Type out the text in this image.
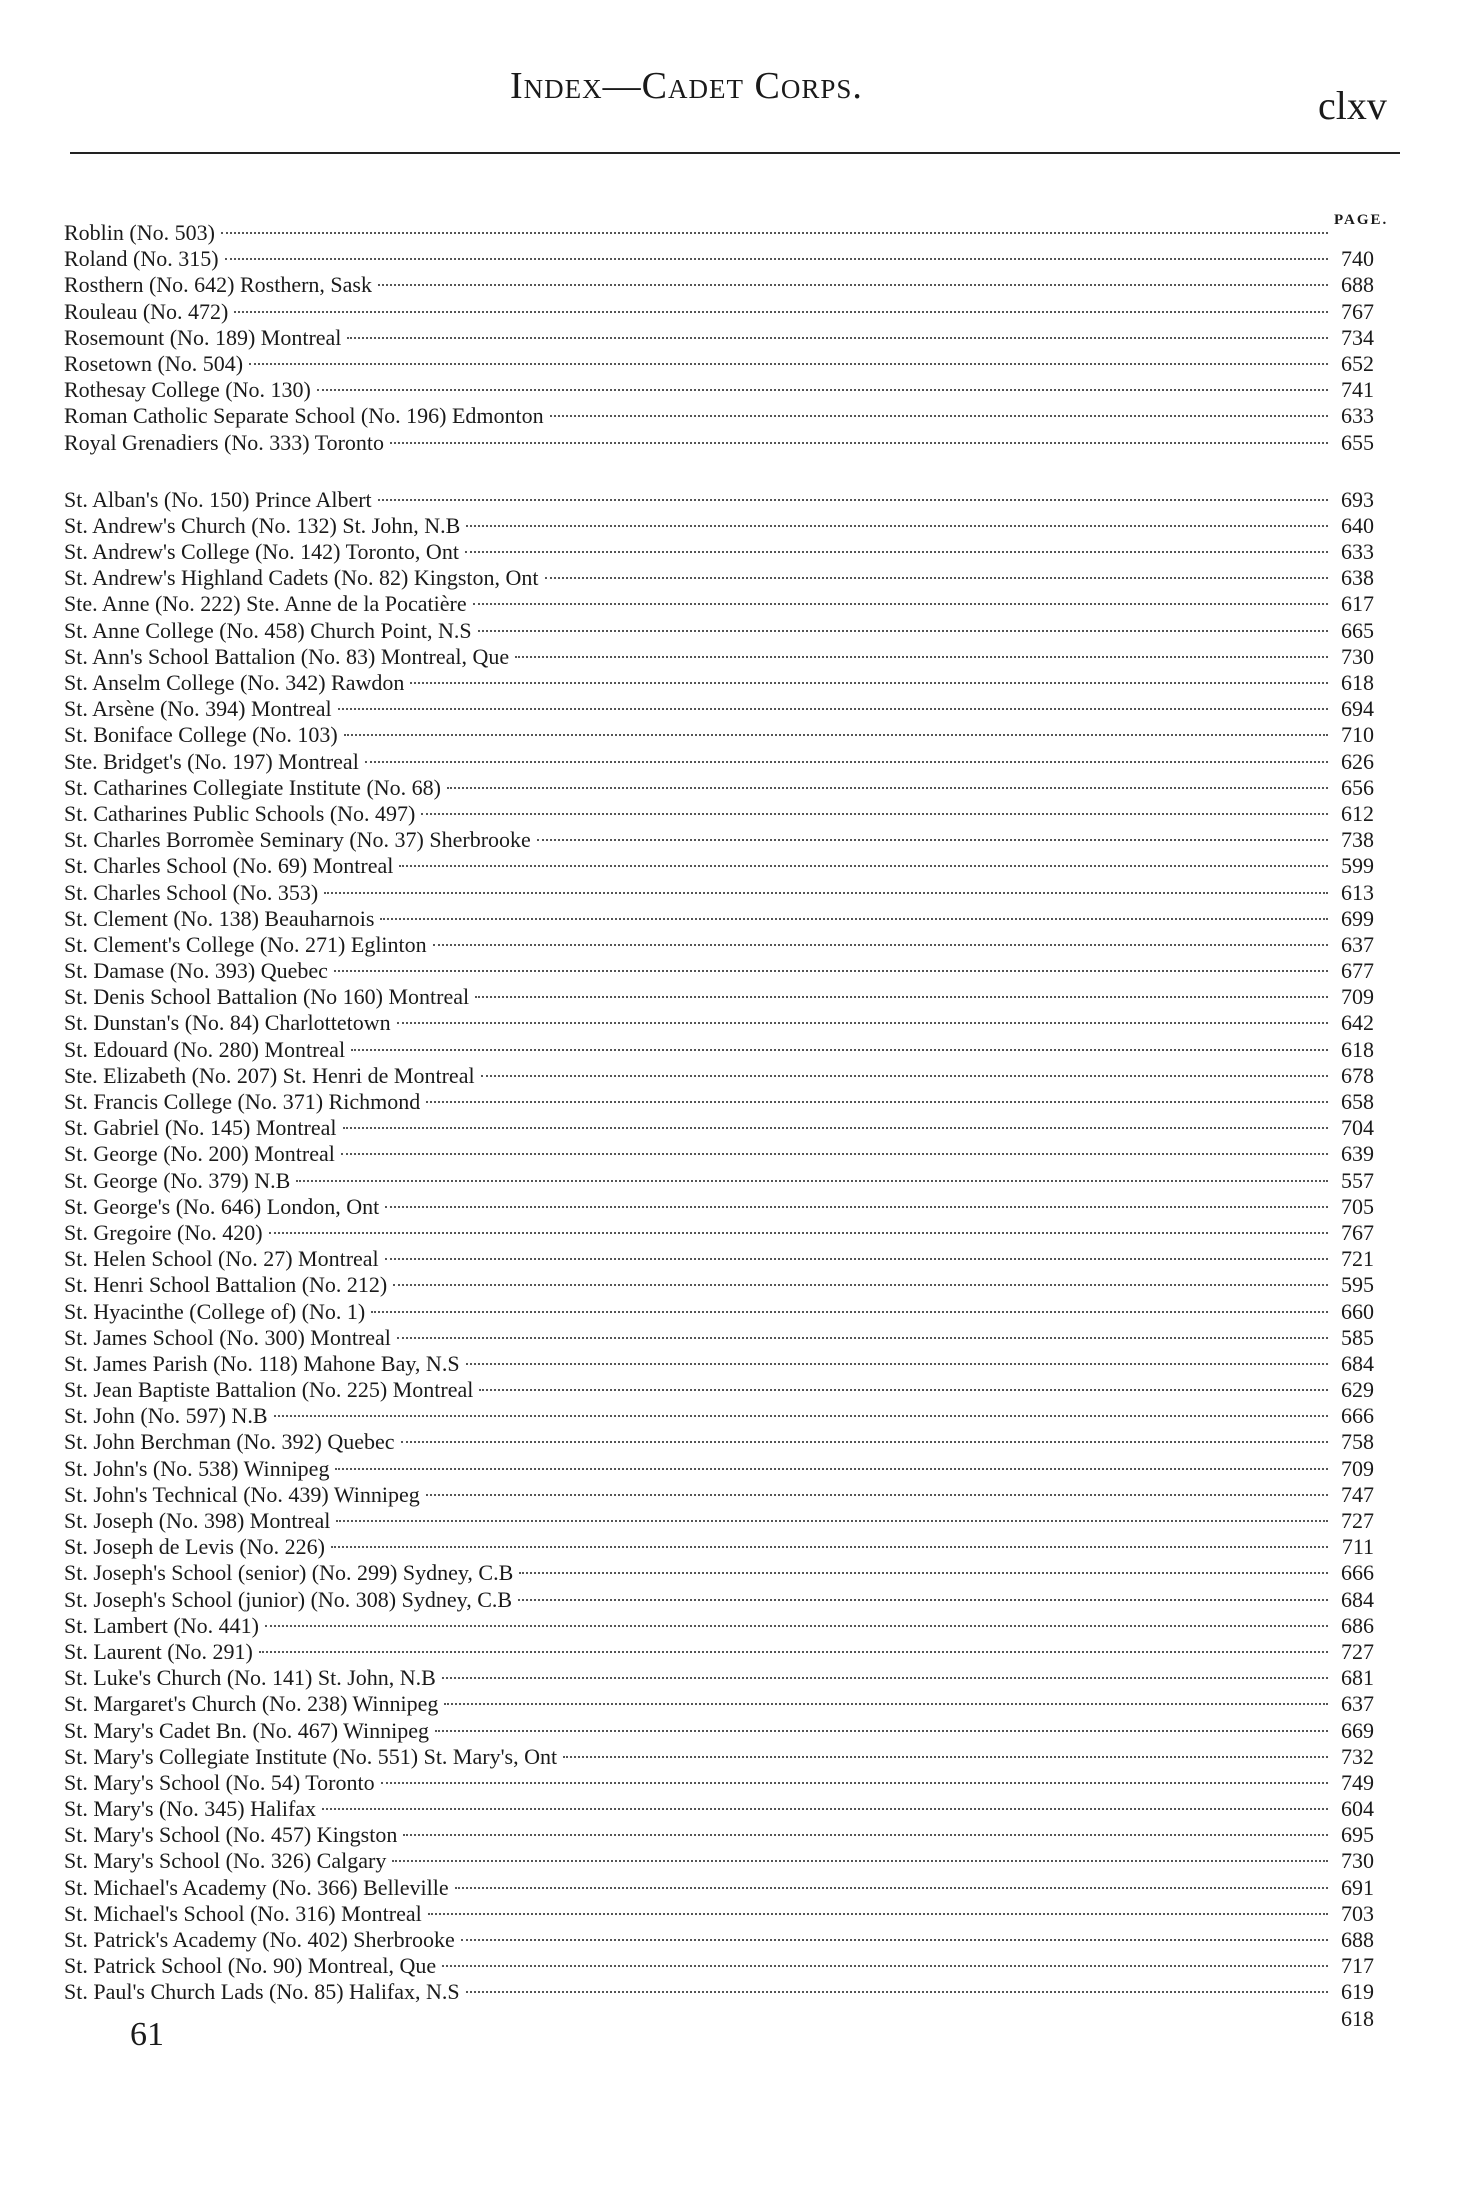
Index—Cadet Corps.	clxv
PAGE.
Roblin (No. 503)
Roland (No. 315)	740
Rosthern (No. 642) Rosthern, Sask	688
Rouleau (No. 472)	767
Rosemount (No. 189) Montreal	734
Rosetown (No. 504)	652
Rothesay College (No. 130)	741
Roman Catholic Separate School (No. 196) Edmonton	633
Royal Grenadiers (No. 333) Toronto	655
St. Alban's (No. 150) Prince Albert	693
St. Andrew's Church (No. 132) St. John, N.B	640
St. Andrew's College (No. 142) Toronto, Ont	633
St. Andrew's Highland Cadets (No. 82) Kingston, Ont	638
Ste. Anne (No. 222) Ste. Anne de la Pocatière	617
St. Anne College (No. 458) Church Point, N.S	665
St. Ann's School Battalion (No. 83) Montreal, Que	730
St. Anselm College (No. 342) Rawdon	618
St. Arsène (No. 394) Montreal	694
St. Boniface College (No. 103)	710
Ste. Bridget's (No. 197) Montreal	626
St. Catharines Collegiate Institute (No. 68)	656
St. Catharines Public Schools (No. 497)	612
St. Charles Borromèe Seminary (No. 37) Sherbrooke	738
St. Charles School (No. 69) Montreal	599
St. Charles School (No. 353)	613
St. Clement (No. 138) Beauharnois	699
St. Clement's College (No. 271) Eglinton	637
St. Damase (No. 393) Quebec	677
St. Denis School Battalion (No 160) Montreal	709
St. Dunstan's (No. 84) Charlottetown	642
St. Edouard (No. 280) Montreal	618
Ste. Elizabeth (No. 207) St. Henri de Montreal	678
St. Francis College (No. 371) Richmond	658
St. Gabriel (No. 145) Montreal	704
St. George (No. 200) Montreal	639
St. George (No. 379) N.B	557
St. George's (No. 646) London, Ont	705
St. Gregoire (No. 420)	767
St. Helen School (No. 27) Montreal	721
St. Henri School Battalion (No. 212)	595
St. Hyacinthe (College of) (No. 1)	660
St. James School (No. 300) Montreal	585
St. James Parish (No. 118) Mahone Bay, N.S	684
St. Jean Baptiste Battalion (No. 225) Montreal	629
St. John (No. 597) N.B	666
St. John Berchman (No. 392) Quebec	758
St. John's (No. 538) Winnipeg	709
St. John's Technical (No. 439) Winnipeg	747
St. Joseph (No. 398) Montreal	727
St. Joseph de Levis (No. 226)	711
St. Joseph's School (senior) (No. 299) Sydney, C.B	666
St. Joseph's School (junior) (No. 308) Sydney, C.B	684
St. Lambert (No. 441)	686
St. Laurent (No. 291)	727
St. Luke's Church (No. 141) St. John, N.B	681
St. Margaret's Church (No. 238) Winnipeg	637
St. Mary's Cadet Bn. (No. 467) Winnipeg	669
St. Mary's Collegiate Institute (No. 551) St. Mary's, Ont	732
St. Mary's School (No. 54) Toronto	749
St. Mary's (No. 345) Halifax	604
St. Mary's School (No. 457) Kingston	695
St. Mary's School (No. 326) Calgary	730
St. Michael's Academy (No. 366) Belleville	691
St. Michael's School (No. 316) Montreal	703
St. Patrick's Academy (No. 402) Sherbrooke	688
St. Patrick School (No. 90) Montreal, Que	717
St. Paul's Church Lads (No. 85) Halifax, N.S	619
618
61
